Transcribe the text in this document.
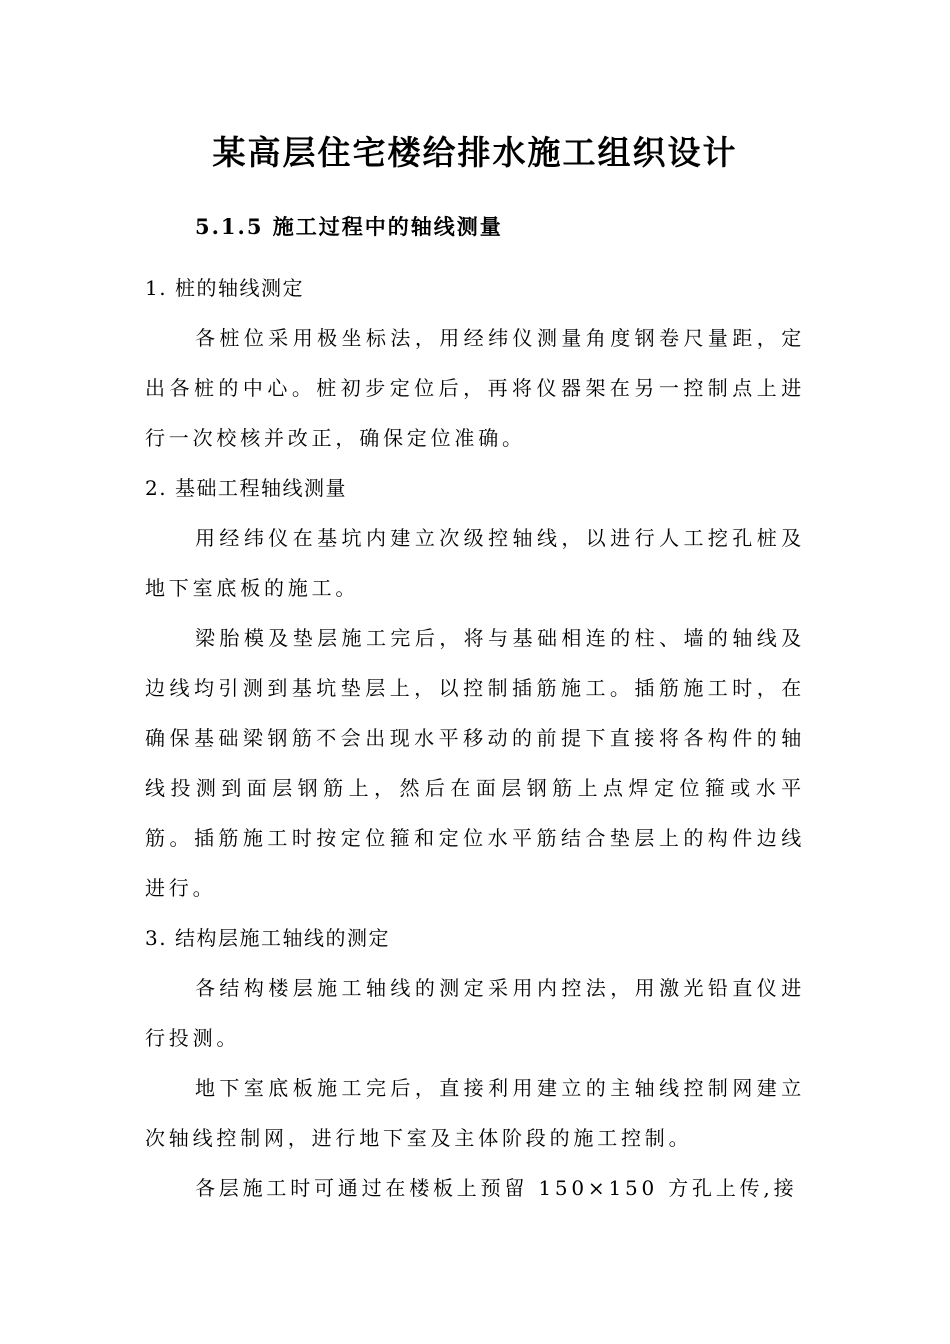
某高层住宅楼给排水施工组织设计
5.1.5 施工过程中的轴线测量

1. 桩的轴线测定

各桩位采用极坐标法，用经纬仪测量角度钢卷尺量距，定出各桩的中心。桩初步定位后，再将仪器架在另一控制点上进行一次校核并改正，确保定位准确。

2. 基础工程轴线测量

用经纬仪在基坑内建立次级控轴线，以进行人工挖孔桩及地下室底板的施工。

梁胎模及垫层施工完后，将与基础相连的柱、墙的轴线及边线均引测到基坑垫层上，以控制插筋施工。插筋施工时，在确保基础梁钢筋不会出现水平移动的前提下直接将各构件的轴线投测到面层钢筋上，然后在面层钢筋上点焊定位箍或水平筋。插筋施工时按定位箍和定位水平筋结合垫层上的构件边线进行。

3. 结构层施工轴线的测定

各结构楼层施工轴线的测定采用内控法，用激光铅直仪进行投测。

地下室底板施工完后，直接利用建立的主轴线控制网建立次轴线控制网，进行地下室及主体阶段的施工控制。

各层施工时可通过在楼板上预留 150×150 方孔上传,接
